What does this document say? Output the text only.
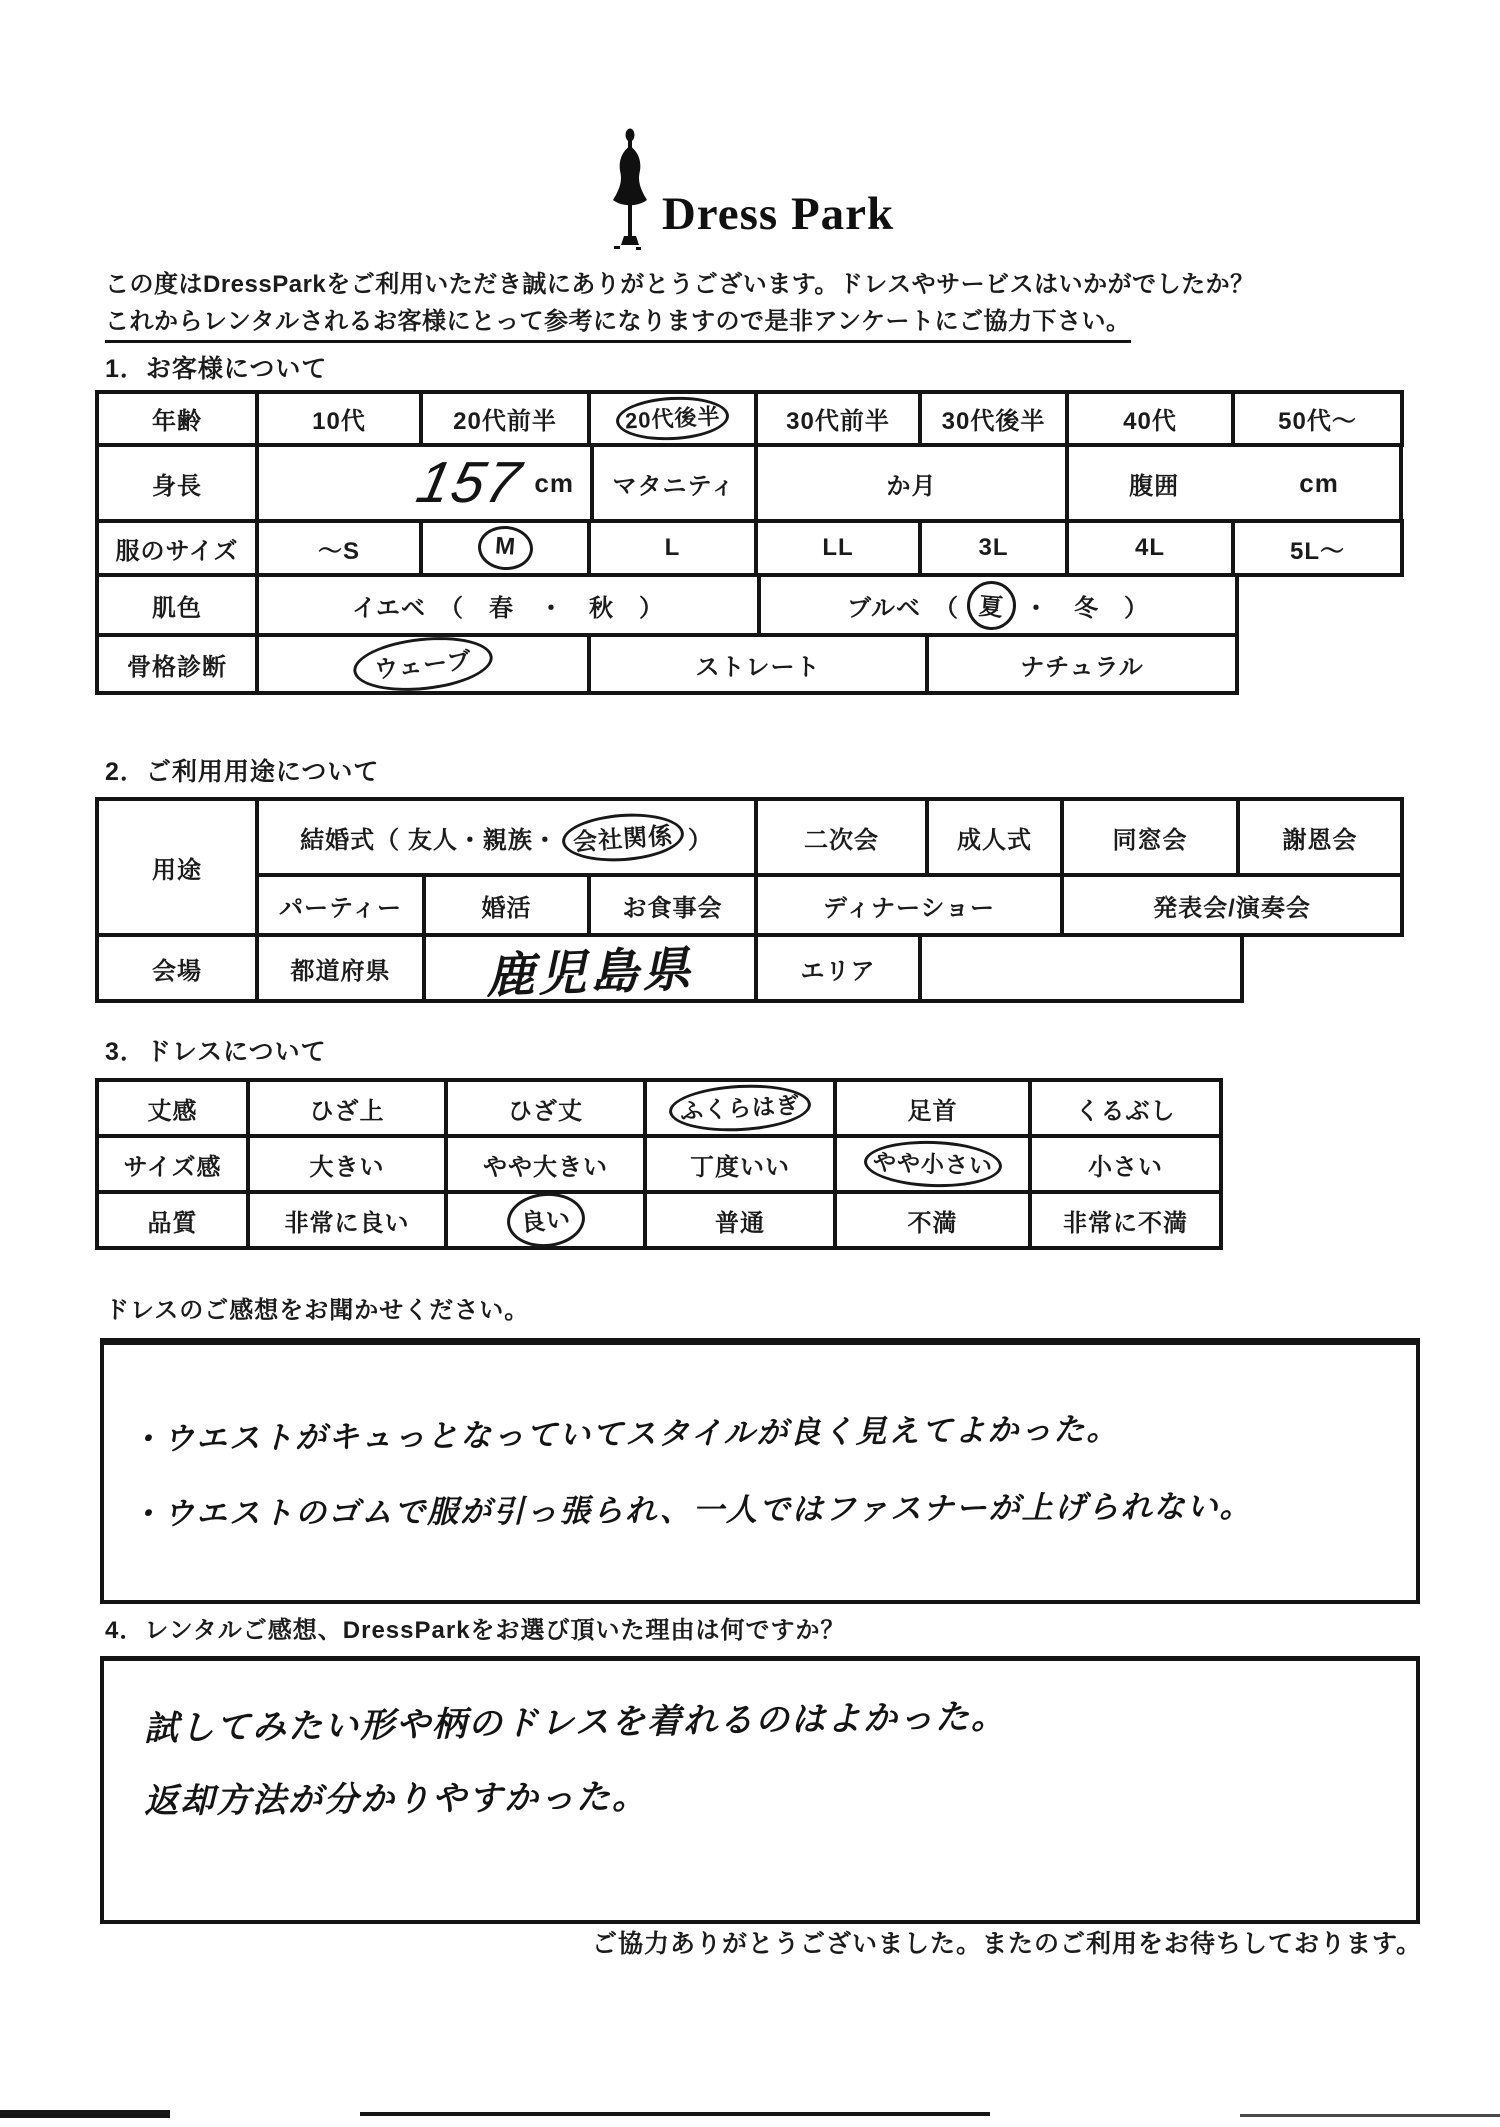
Dress Park
この度はDressParkをご利用いただき誠にありがとうございます。ドレスやサービスはいかがでしたか？
これからレンタルされるお客様にとって参考になりますので是非アンケートにご協力下さい。
1．お客様について
年齢	10代	20代前半	20代後半	30代前半	30代後半	40代	50代～
身長	157 cm	マタニティ	か月	腹囲	cm
服のサイズ	～S	M	L	LL	3L	4L	5L～
肌色	イエベ　（　春　・　秋　）	ブルベ　（ 夏 ・　冬　）
骨格診断	ウェーブ	ストレート	ナチュラル
2．ご利用用途について
用途
結婚式（ 友人・親族・ 会社関係 ）	二次会	成人式	同窓会	謝恩会
パーティー	婚活	お食事会	ディナーショー	発表会/演奏会
会場	都道府県	鹿児島県	エリア
3．ドレスについて
丈感	ひざ上	ひざ丈	ふくらはぎ	足首	くるぶし
サイズ感	大きい	やや大きい	丁度いい	やや小さい	小さい
品質	非常に良い	良い	普通	不満	非常に不満
ドレスのご感想をお聞かせください。
・ウエストがキュっとなっていてスタイルが良く見えてよかった。
・ウエストのゴムで服が引っ張られ、一人ではファスナーが上げられない。
4．レンタルご感想、DressParkをお選び頂いた理由は何ですか？
試してみたい形や柄のドレスを着れるのはよかった。
返却方法が分かりやすかった。
ご協力ありがとうございました。またのご利用をお待ちしております。
